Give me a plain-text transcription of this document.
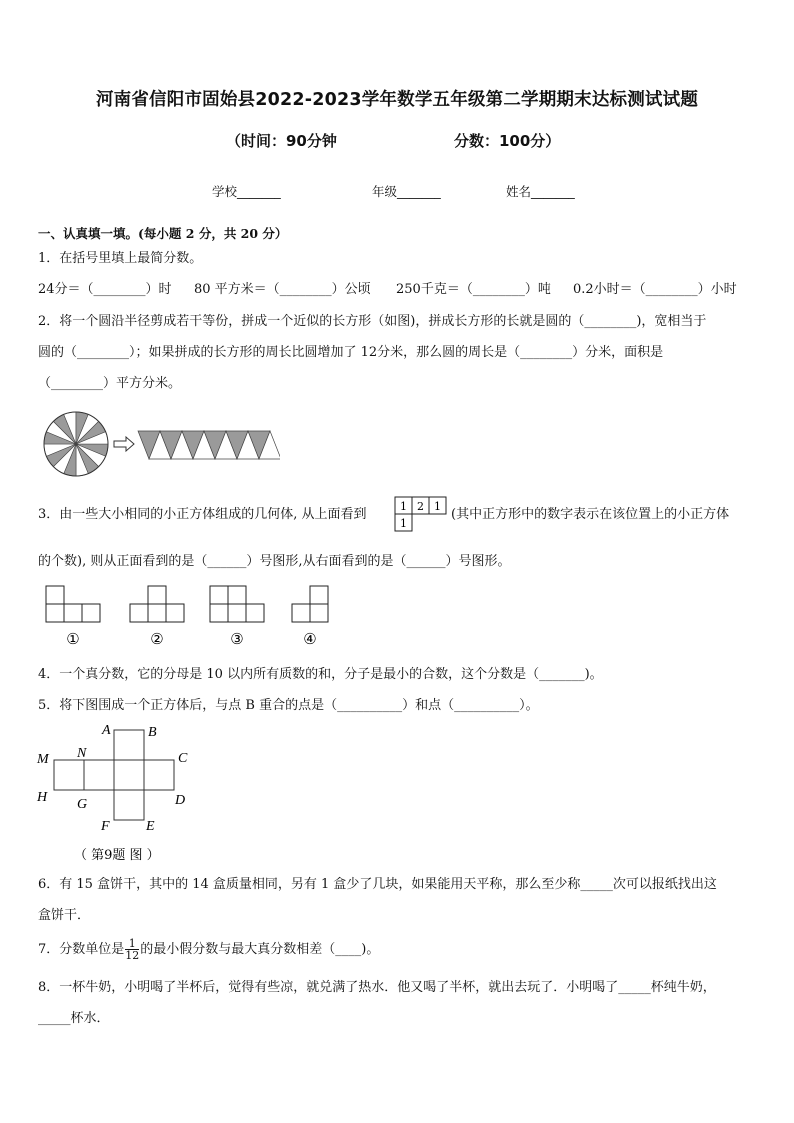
河南省信阳市固始县2022-2023学年数学五年级第二学期期末达标测试试题
（时间：90分钟	分数：100分）
学校_______	年级_______	姓名_______
一、认真填一填。(每小题 2 分，共 20 分）
1．在括号里填上最简分数。
24分＝（________）时 80 平方米＝（________）公顷 250千克＝（________）吨 0.2小时＝（________）小时
2．将一个圆沿半径剪成若干等份，拼成一个近似的长方形（如图)，拼成长方形的长就是圆的（________)，宽相当于
圆的（________）；如果拼成的长方形的周长比圆增加了 12分米，那么圆的周长是（________）分米，面积是
（________）平方分米。
3．由一些大小相同的小正方体组成的几何体, 从上面看到
1 2 1
1
(其中正方形中的数字表示在该位置上的小正方体
的个数), 则从正面看到的是（______）号图形,从右面看到的是（______）号图形。
①	②	③	④
4．一个真分数，它的分母是 10 以内所有质数的和，分子是最小的合数，这个分数是（_______)。
5．将下图围成一个正方体后，与点 B 重合的点是（__________）和点（__________）。
A	B
C
D
E
F
G
H
M N
（ 第9题 图 ）
6．有 15 盒饼干，其中的 14 盒质量相同，另有 1 盒少了几块，如果能用天平称，那么至少称_____次可以报纸找出这
盒饼干．
7．分数单位是 $\frac{1}{12}$ 的最小假分数与最大真分数相差（____)。
8．一杯牛奶，小明喝了半杯后，觉得有些凉，就兑满了热水．他又喝了半杯，就出去玩了．小明喝了_____杯纯牛奶，
_____杯水．
